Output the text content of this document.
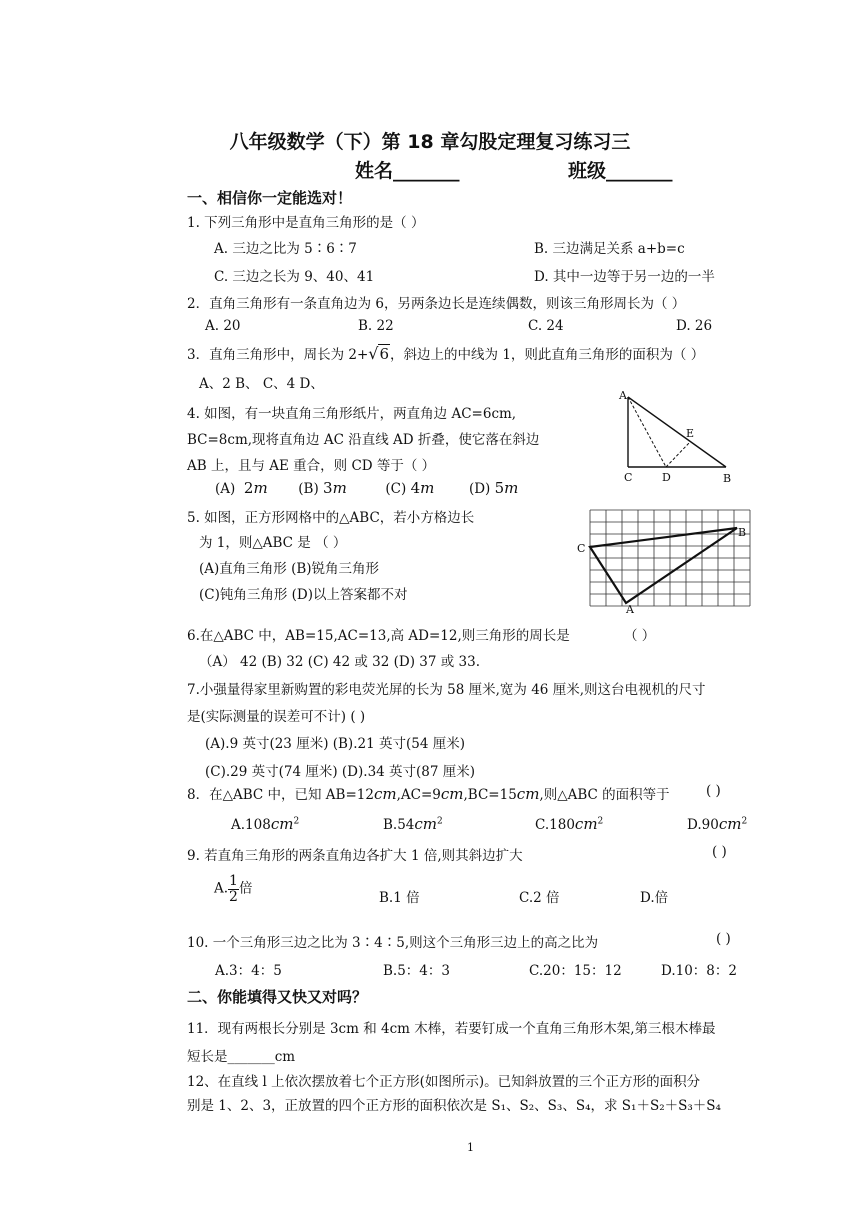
八年级数学（下）第 18 章勾股定理复习练习三
姓名_______	班级_______
一、相信你一定能选对！
1. 下列三角形中是直角三角形的是（ ）
A. 三边之比为 5∶6∶7	B. 三边满足关系 a+b=c
C. 三边之长为 9、40、41	D. 其中一边等于另一边的一半
2．直角三角形有一条直角边为 6，另两条边长是连续偶数，则该三角形周长为（ ）
A. 20	B. 22	C. 24	D. 26
3．直角三角形中，周长为 2+√6，斜边上的中线为 1，则此直角三角形的面积为（ ）
A、2 B、 C、4 D、
4. 如图，有一块直角三角形纸片，两直角边 AC=6cm,
BC=8cm,现将直角边 AC 沿直线 AD 折叠，使它落在斜边
AB 上，且与 AE 重合，则 CD 等于（ ）
(A) 2m (B) 3m	(C) 4m	(D) 5m
A
E
C	D	B
5. 如图，正方形网格中的△ABC，若小方格边长
为 1，则△ABC 是 （ ）
(A)直角三角形 (B)锐角三角形
(C)钝角三角形 (D)以上答案都不对
C
B
A
6.在△ABC 中，AB=15,AC=13,高 AD=12,则三角形的周长是	（ ）
（A） 42 (B) 32 (C) 42 或 32 (D) 37 或 33.
7.小强量得家里新购置的彩电荧光屏的长为 58 厘米,宽为 46 厘米,则这台电视机的尺寸
是(实际测量的误差可不计) ( )
(A).9 英寸(23 厘米) (B).21 英寸(54 厘米)
(C).29 英寸(74 厘米) (D).34 英寸(87 厘米)
8．在△ABC 中，已知 AB=12cm,AC=9cm,BC=15cm,则△ABC 的面积等于	( )
$A.108cm^2$	$B.54cm^2$	$C.180cm^2$	$D.90cm^2$
9. 若直角三角形的两条直角边各扩大 1 倍,则其斜边扩大	( )
A. $\frac{1}{2}$ 倍
B.1 倍	C.2 倍	D.倍
10. 一个三角形三边之比为 3∶4∶5,则这个三角形三边上的高之比为	( )
A.3：4：5	B.5：4：3	C.20：15：12	D.10：8：2
二、你能填得又快又对吗？
11．现有两根长分别是 3cm 和 4cm 木棒，若要钉成一个直角三角形木架,第三根木棒最
短长是_______cm
12、在直线 l 上依次摆放着七个正方形(如图所示)。已知斜放置的三个正方形的面积分
别是 1、2、3，正放置的四个正方形的面积依次是 S₁、S₂、S₃、S₄，求 S₁＋S₂＋S₃＋S₄
1
